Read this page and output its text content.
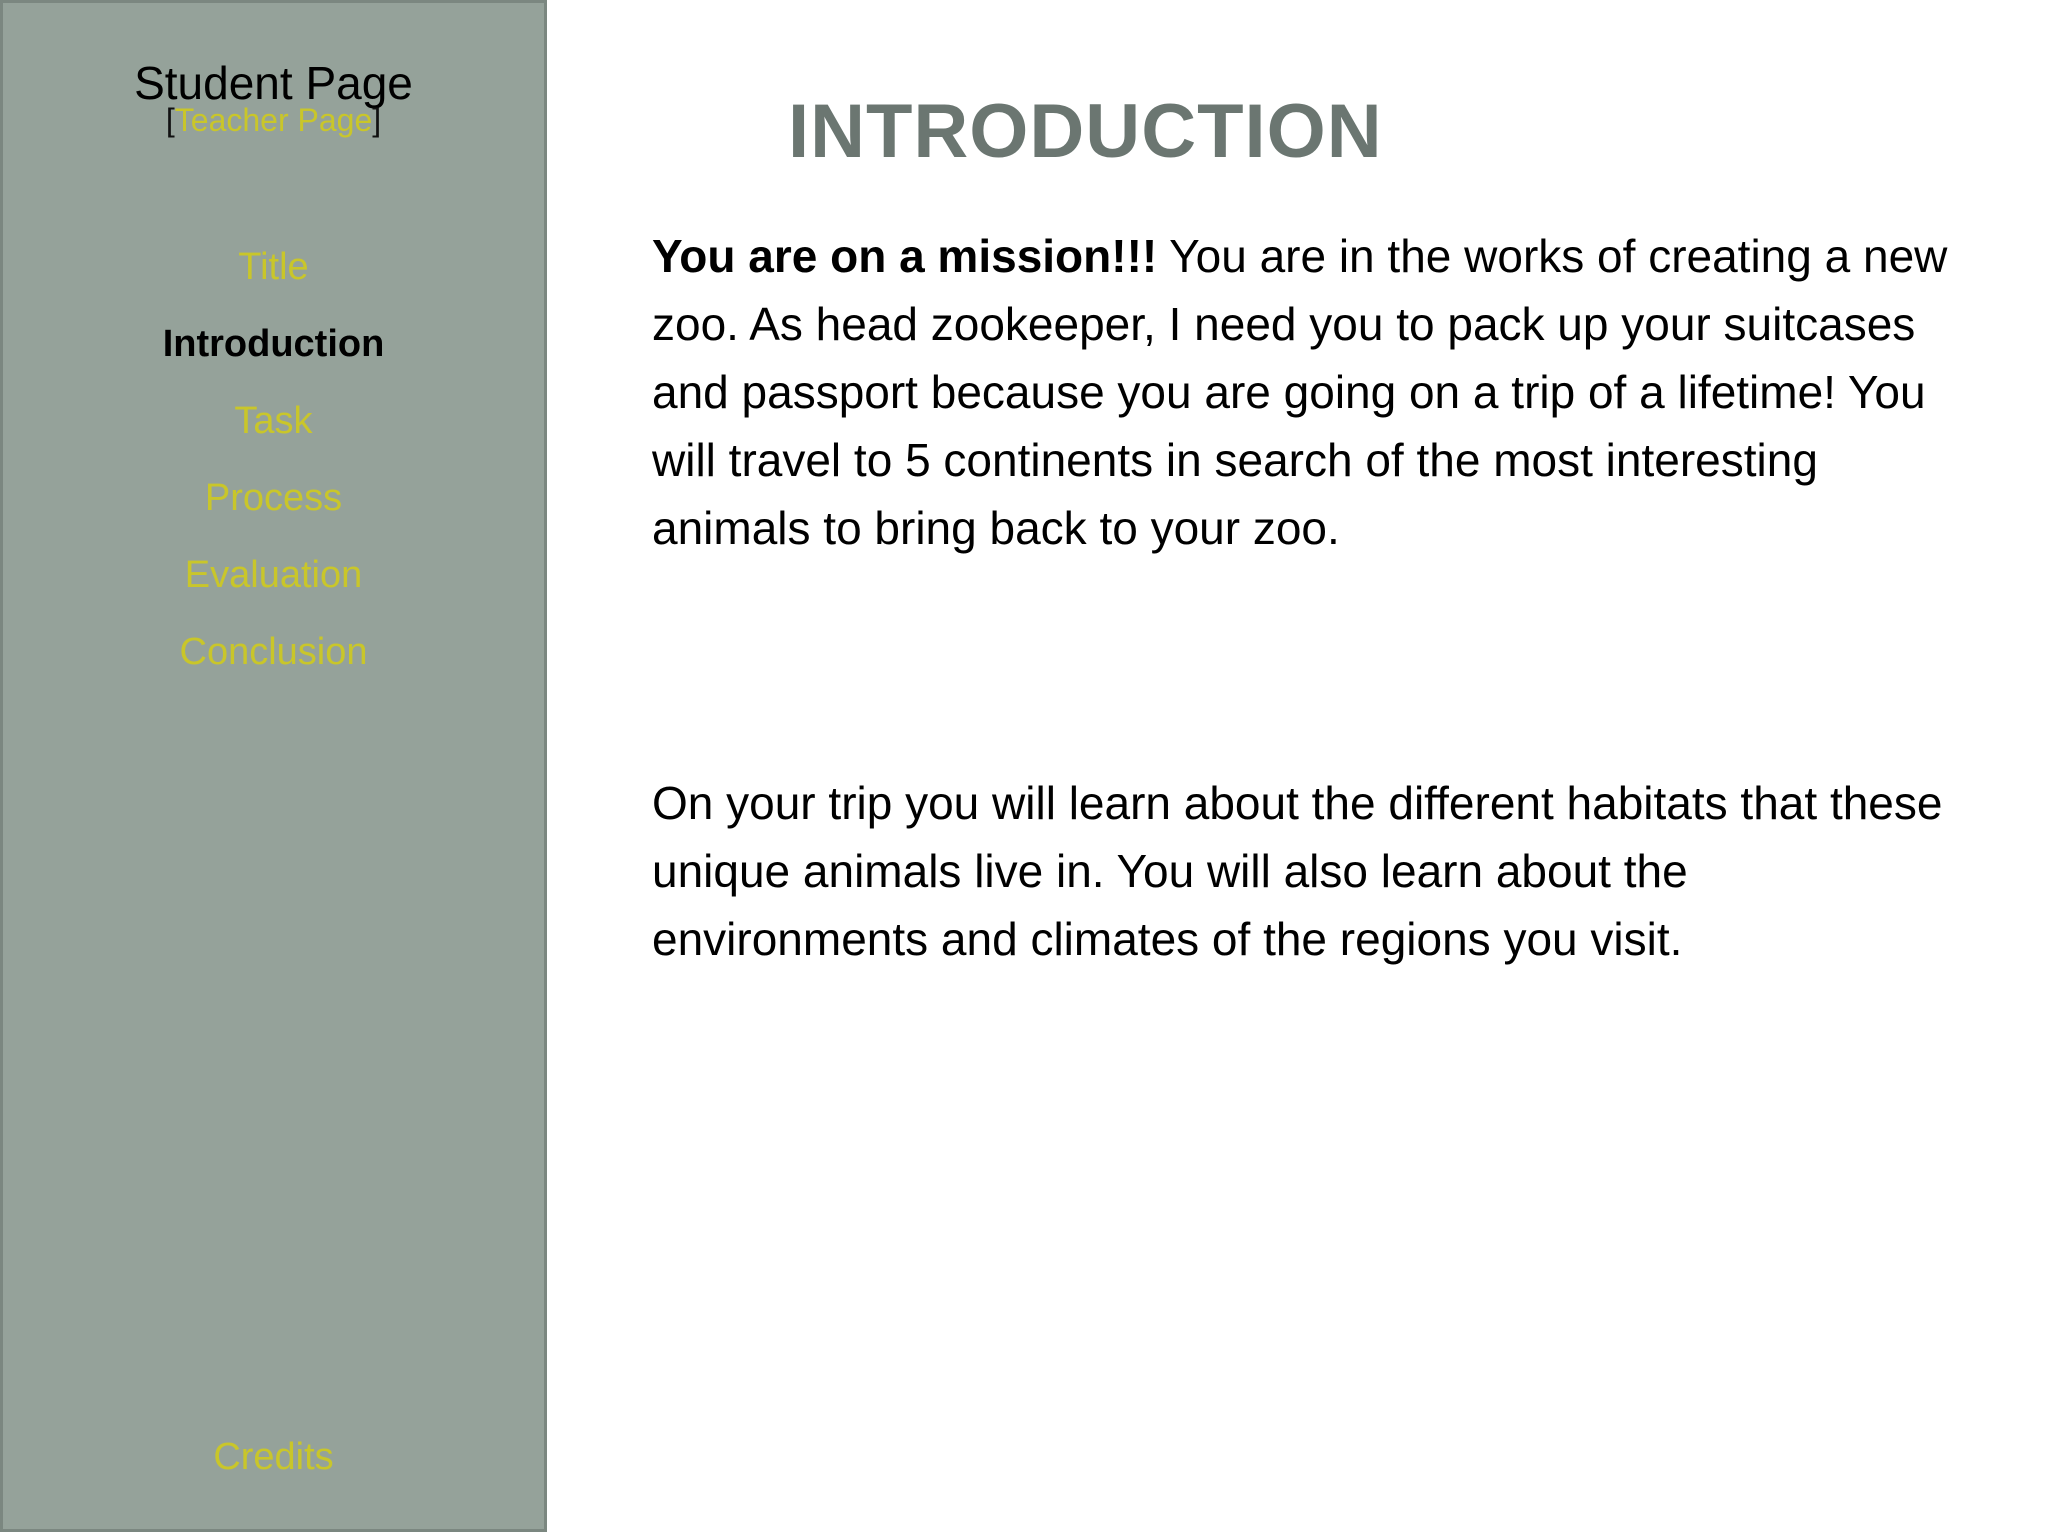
Student Page
[Teacher Page]
Title
Introduction
Task
Process
Evaluation
Conclusion
Credits
INTRODUCTION

You are on a mission!!! You are in the works of creating a new zoo. As head zookeeper, I need you to pack up your suitcases and passport because you are going on a trip of a lifetime! You will travel to 5 continents in search of the most interesting animals to bring back to your zoo.

On your trip you will learn about the different habitats that these unique animals live in. You will also learn about the environments and climates of the regions you visit.
